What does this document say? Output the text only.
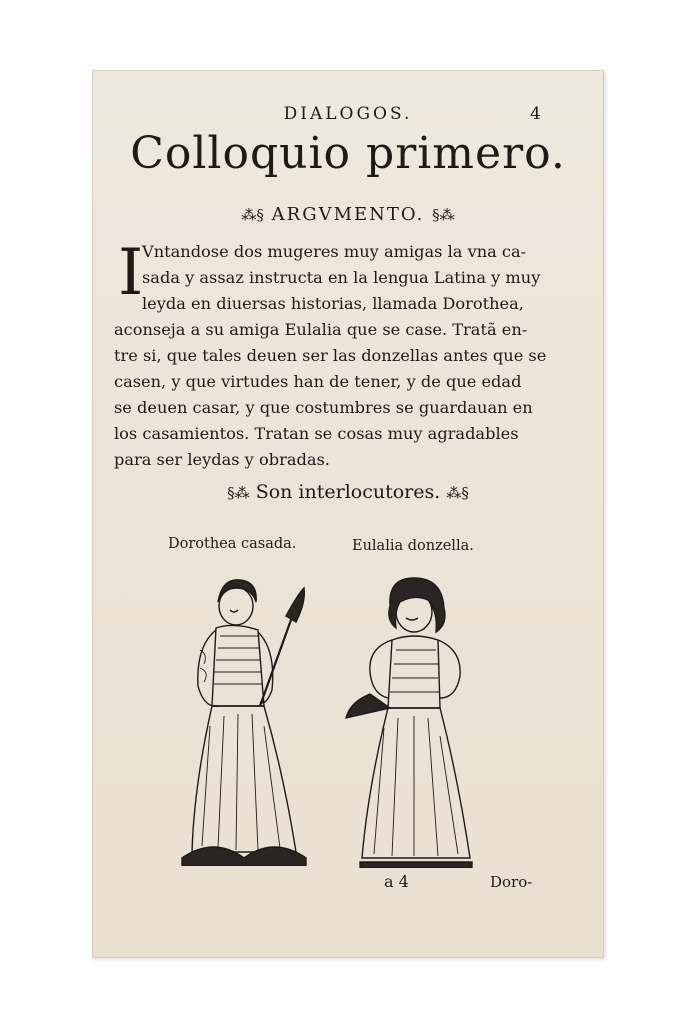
DIALOGOS.	4
Colloquio primero.
⁂§ ARGVMENTO. §⁂
I
Vntandose dos mugeres muy amigas la vna ca-
sada y assaz instructa en la lengua Latina y muy
leyda en diuersas historias, llamada Dorothea,
aconseja a su amiga Eulalia que se case. Tratã en-
tre si, que tales deuen ser las donzellas antes que se
casen, y que virtudes han de tener, y de que edad
se deuen casar, y que costumbres se guardauan en
los casamientos. Tratan se cosas muy agradables
para ser leydas y obradas.
§⁂ Son interlocutores. ⁂§
Dorothea casada.	Eulalia donzella.
a 4	Doro-
